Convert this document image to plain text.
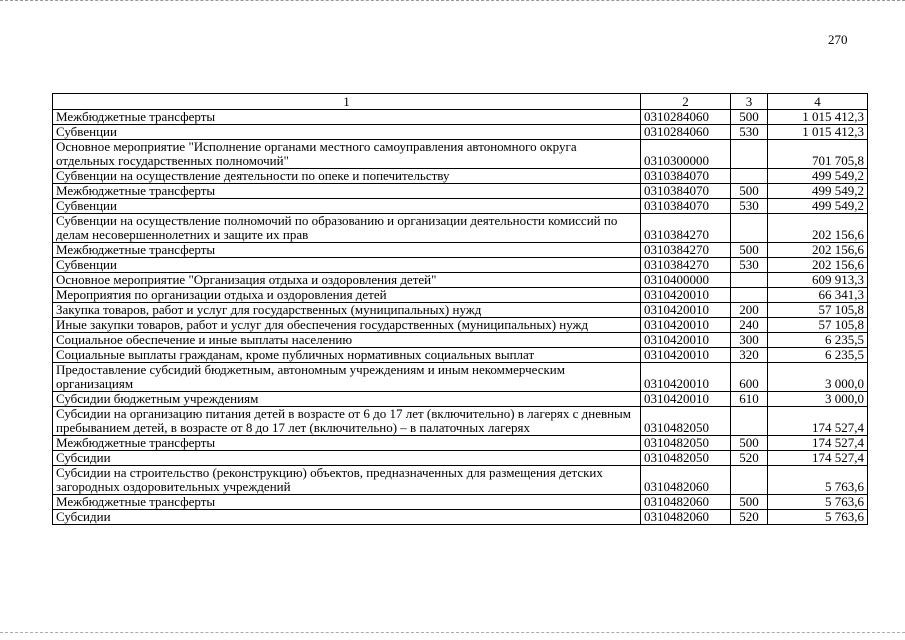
270
1	2	3	4
Межбюджетные трансферты	0310284060	500	1 015 412,3
Субвенции	0310284060	530	1 015 412,3
Основное мероприятие "Исполнение органами местного самоуправления автономного округа отдельных государственных полномочий"	0310300000		701 705,8
Субвенции на осуществление деятельности по опеке и попечительству	0310384070		499 549,2
Межбюджетные трансферты	0310384070	500	499 549,2
Субвенции	0310384070	530	499 549,2
Субвенции на осуществление полномочий по образованию и организации деятельности комиссий по делам несовершеннолетних и защите их прав	0310384270		202 156,6
Межбюджетные трансферты	0310384270	500	202 156,6
Субвенции	0310384270	530	202 156,6
Основное мероприятие "Организация отдыха и оздоровления детей"	0310400000		609 913,3
Мероприятия по организации отдыха и оздоровления детей	0310420010		66 341,3
Закупка товаров, работ и услуг для государственных (муниципальных) нужд	0310420010	200	57 105,8
Иные закупки товаров, работ и услуг для обеспечения государственных (муниципальных) нужд	0310420010	240	57 105,8
Социальное обеспечение и иные выплаты населению	0310420010	300	6 235,5
Социальные выплаты гражданам, кроме публичных нормативных социальных выплат	0310420010	320	6 235,5
Предоставление субсидий бюджетным, автономным учреждениям и иным некоммерческим организациям	0310420010	600	3 000,0
Субсидии бюджетным учреждениям	0310420010	610	3 000,0
Субсидии на организацию питания детей в возрасте от 6 до 17 лет (включительно) в лагерях с дневным пребыванием детей, в возрасте от 8 до 17 лет (включительно) – в палаточных лагерях	0310482050		174 527,4
Межбюджетные трансферты	0310482050	500	174 527,4
Субсидии	0310482050	520	174 527,4
Субсидии на строительство (реконструкцию) объектов, предназначенных для размещения детских загородных оздоровительных учреждений	0310482060		5 763,6
Межбюджетные трансферты	0310482060	500	5 763,6
Субсидии	0310482060	520	5 763,6
